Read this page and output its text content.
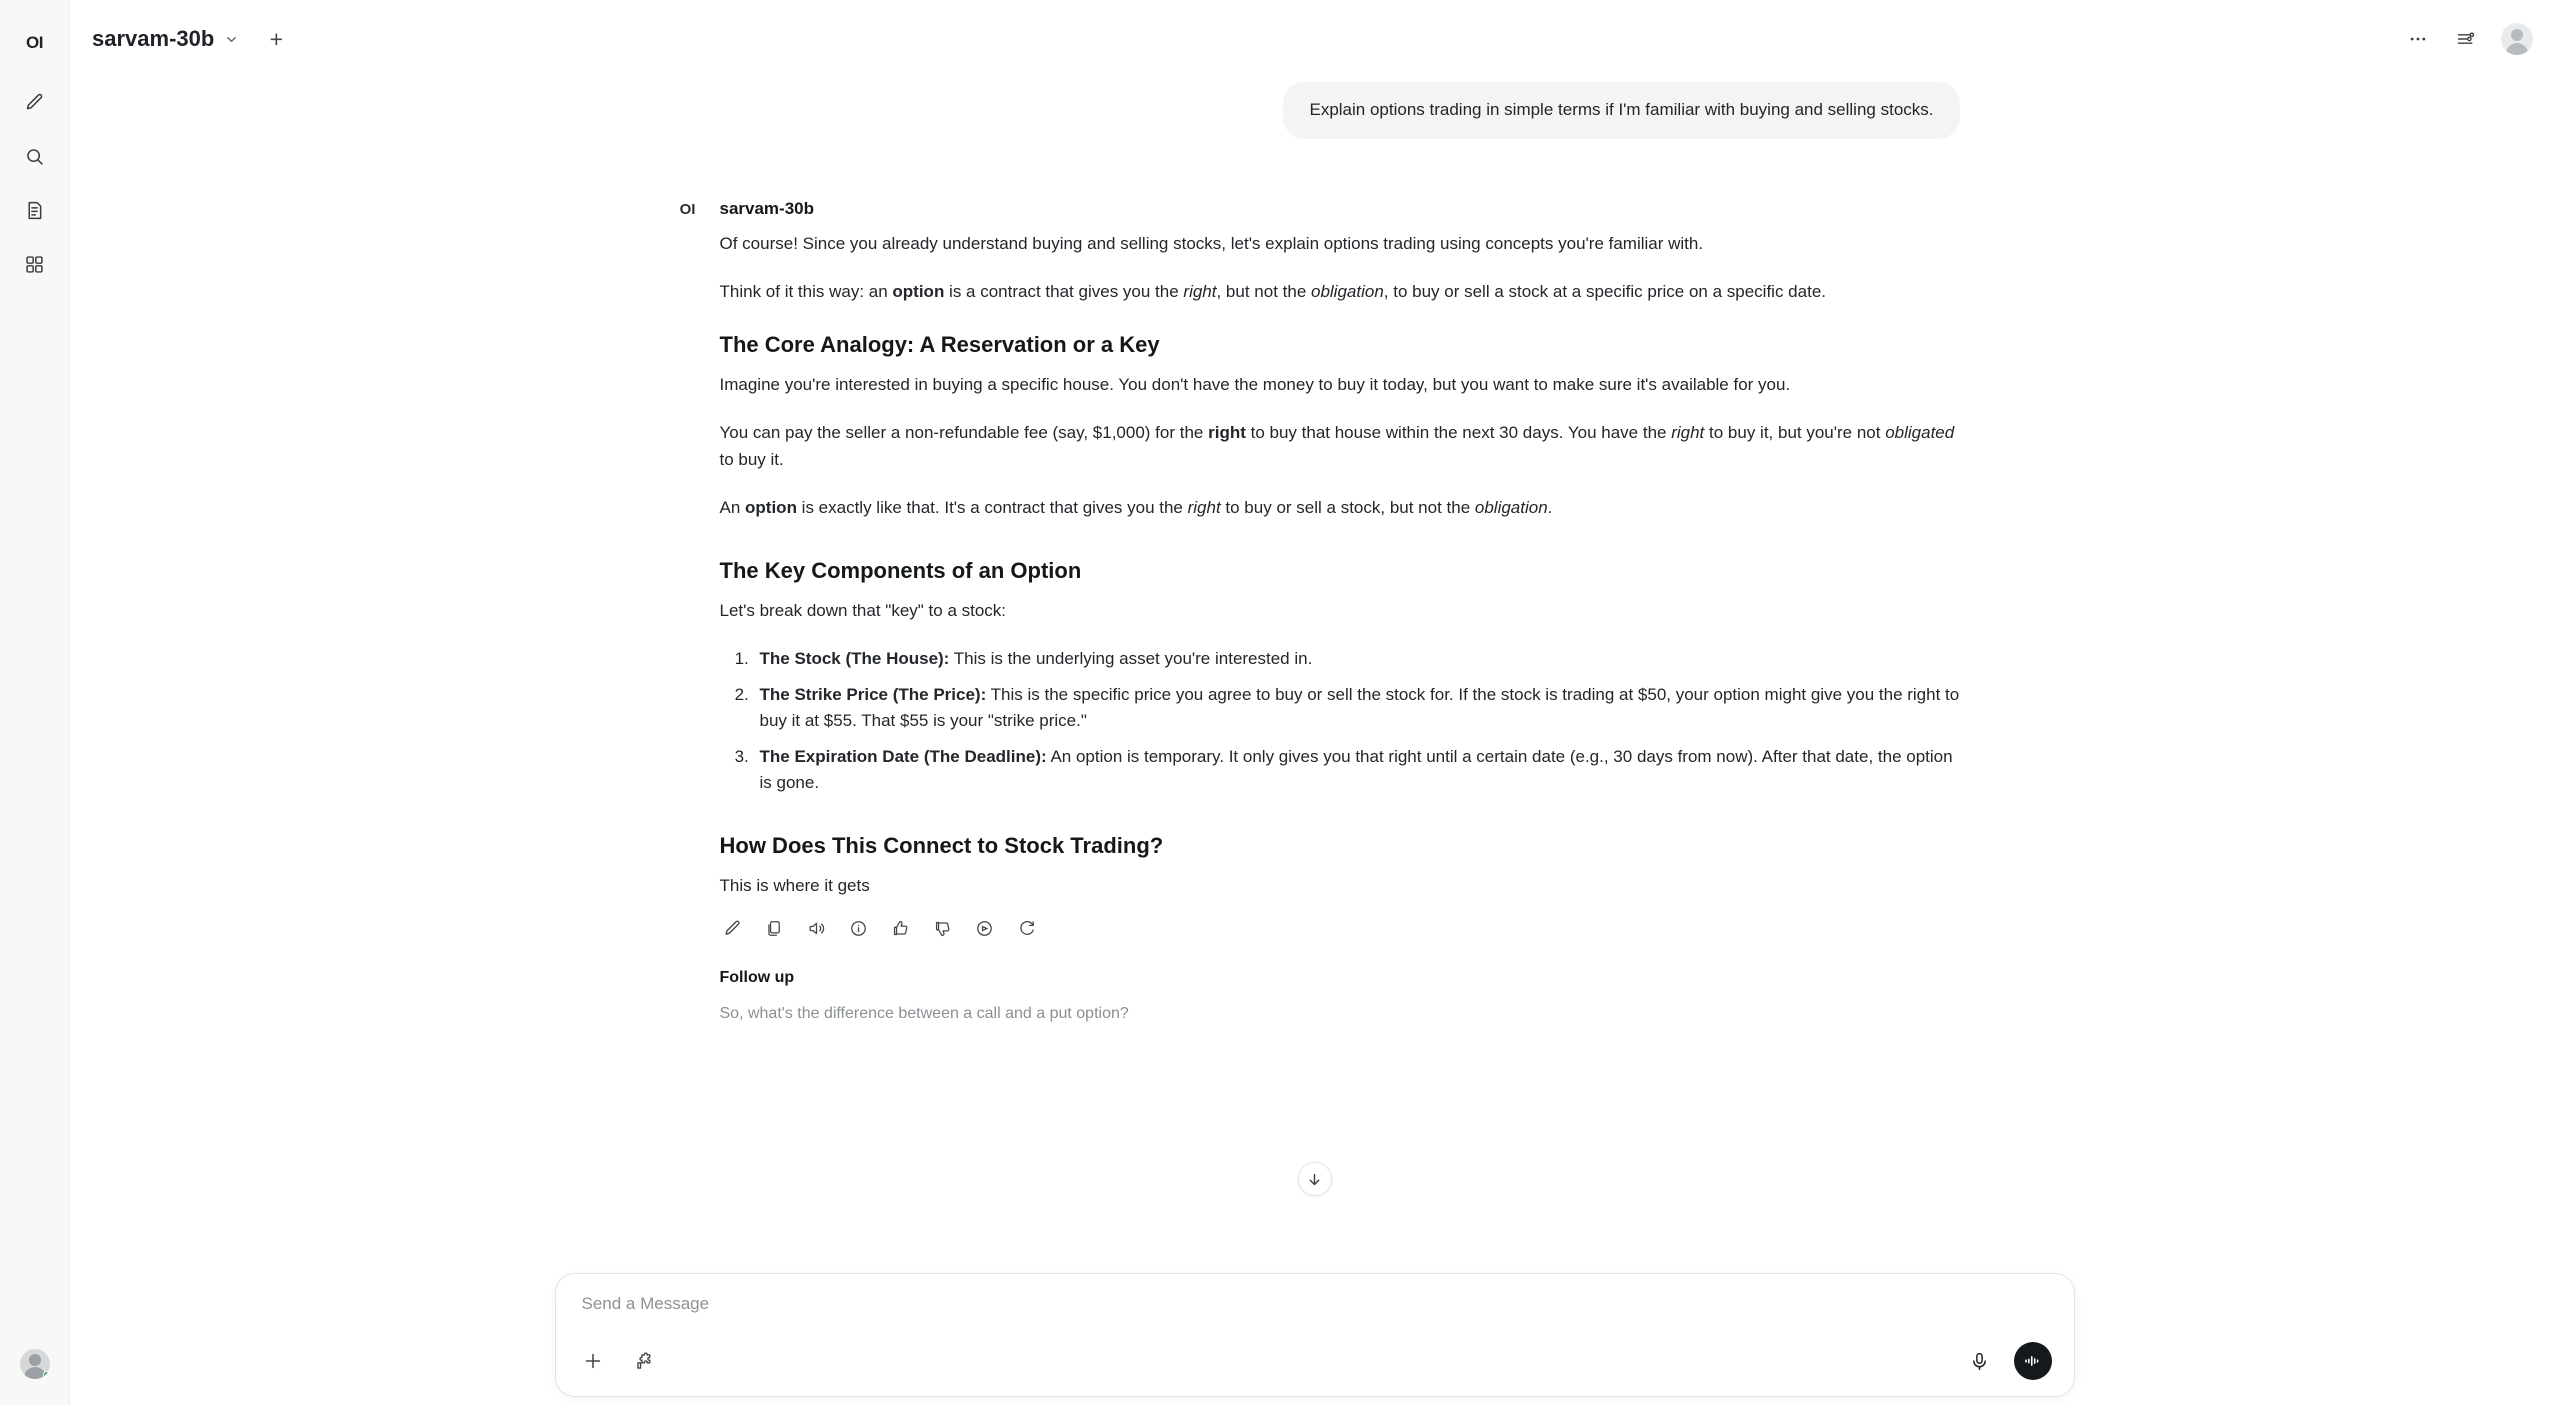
OI	sarvam-30b	+
Explain options trading in simple terms if I'm familiar with buying and selling stocks.
OI	sarvam-30b

Of course! Since you already understand buying and selling stocks, let's explain options trading using concepts you're familiar with.

Think of it this way: an option is a contract that gives you the right, but not the obligation, to buy or sell a stock at a specific price on a specific date.

The Core Analogy: A Reservation or a Key

Imagine you're interested in buying a specific house. You don't have the money to buy it today, but you want to make sure it's available for you.

You can pay the seller a non-refundable fee (say, $1,000) for the right to buy that house within the next 30 days. You have the right to buy it, but you're not obligated to buy it.

An option is exactly like that. It's a contract that gives you the right to buy or sell a stock, but not the obligation.

The Key Components of an Option

Let's break down that "key" to a stock:

1. The Stock (The House): This is the underlying asset you're interested in.
2. The Strike Price (The Price): This is the specific price you agree to buy or sell the stock for. If the stock is trading at $50, your option might give you the right to buy it at $55. That $55 is your "strike price."
3. The Expiration Date (The Deadline): An option is temporary. It only gives you that right until a certain date (e.g., 30 days from now). After that date, the option is gone.
How Does This Connect to Stock Trading?
This is where it gets
Follow up
So, what's the difference between a call and a put option?
Send a Message
